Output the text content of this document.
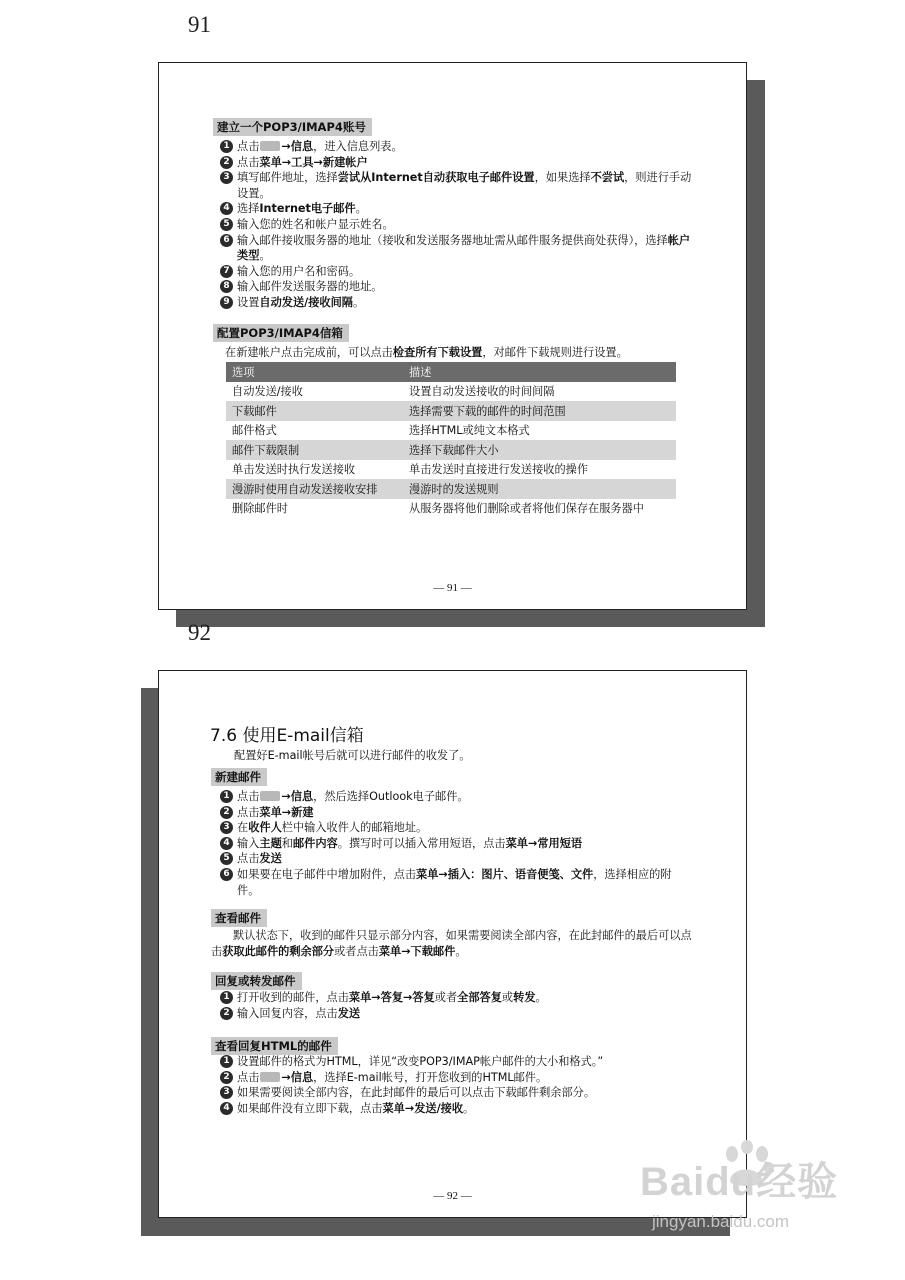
91
建立一个POP3/IMAP4账号
1 点击 →信息，进入信息列表。
2 点击菜单→工具→新建帐户
3 填写邮件地址，选择尝试从Internet自动获取电子邮件设置，如果选择不尝试，则进行手动设置。
4 选择Internet电子邮件。
5 输入您的姓名和帐户显示姓名。
6 输入邮件接收服务器的地址（接收和发送服务器地址需从邮件服务提供商处获得），选择帐户类型。
7 输入您的用户名和密码。
8 输入邮件发送服务器的地址。
9 设置自动发送/接收间隔。
配置POP3/IMAP4信箱
在新建帐户点击完成前，可以点击检查所有下载设置，对邮件下载规则进行设置。
选项	描述
自动发送/接收	设置自动发送接收的时间间隔
下载邮件	选择需要下载的邮件的时间范围
邮件格式	选择HTML或纯文本格式
邮件下载限制	选择下载邮件大小
单击发送时执行发送接收	单击发送时直接进行发送接收的操作
漫游时使用自动发送接收安排	漫游时的发送规则
删除邮件时	从服务器将他们删除或者将他们保存在服务器中
— 91 —
92
7.6 使用E-mail信箱
配置好E-mail帐号后就可以进行邮件的收发了。
新建邮件
1 点击 →信息，然后选择Outlook电子邮件。
2 点击菜单→新建
3 在收件人栏中输入收件人的邮箱地址。
4 输入主题和邮件内容。撰写时可以插入常用短语，点击菜单→常用短语
5 点击发送
6 如果要在电子邮件中增加附件，点击菜单→插入：图片、语音便笺、文件，选择相应的附件。
查看邮件
默认状态下，收到的邮件只显示部分内容，如果需要阅读全部内容，在此封邮件的最后可以点击获取此邮件的剩余部分或者点击菜单→下载邮件。
回复或转发邮件
1 打开收到的邮件，点击菜单→答复→答复或者全部答复或转发。
2 输入回复内容，点击发送
查看回复HTML的邮件
1 设置邮件的格式为HTML，详见“改变POP3/IMAP帐户邮件的大小和格式。”
2 点击 →信息，选择E-mail帐号，打开您收到的HTML邮件。
3 如果需要阅读全部内容，在此封邮件的最后可以点击下载邮件剩余部分。
4 如果邮件没有立即下载，点击菜单→发送/接收。
— 92 —	Baidu经验
jingyan.baidu.com
